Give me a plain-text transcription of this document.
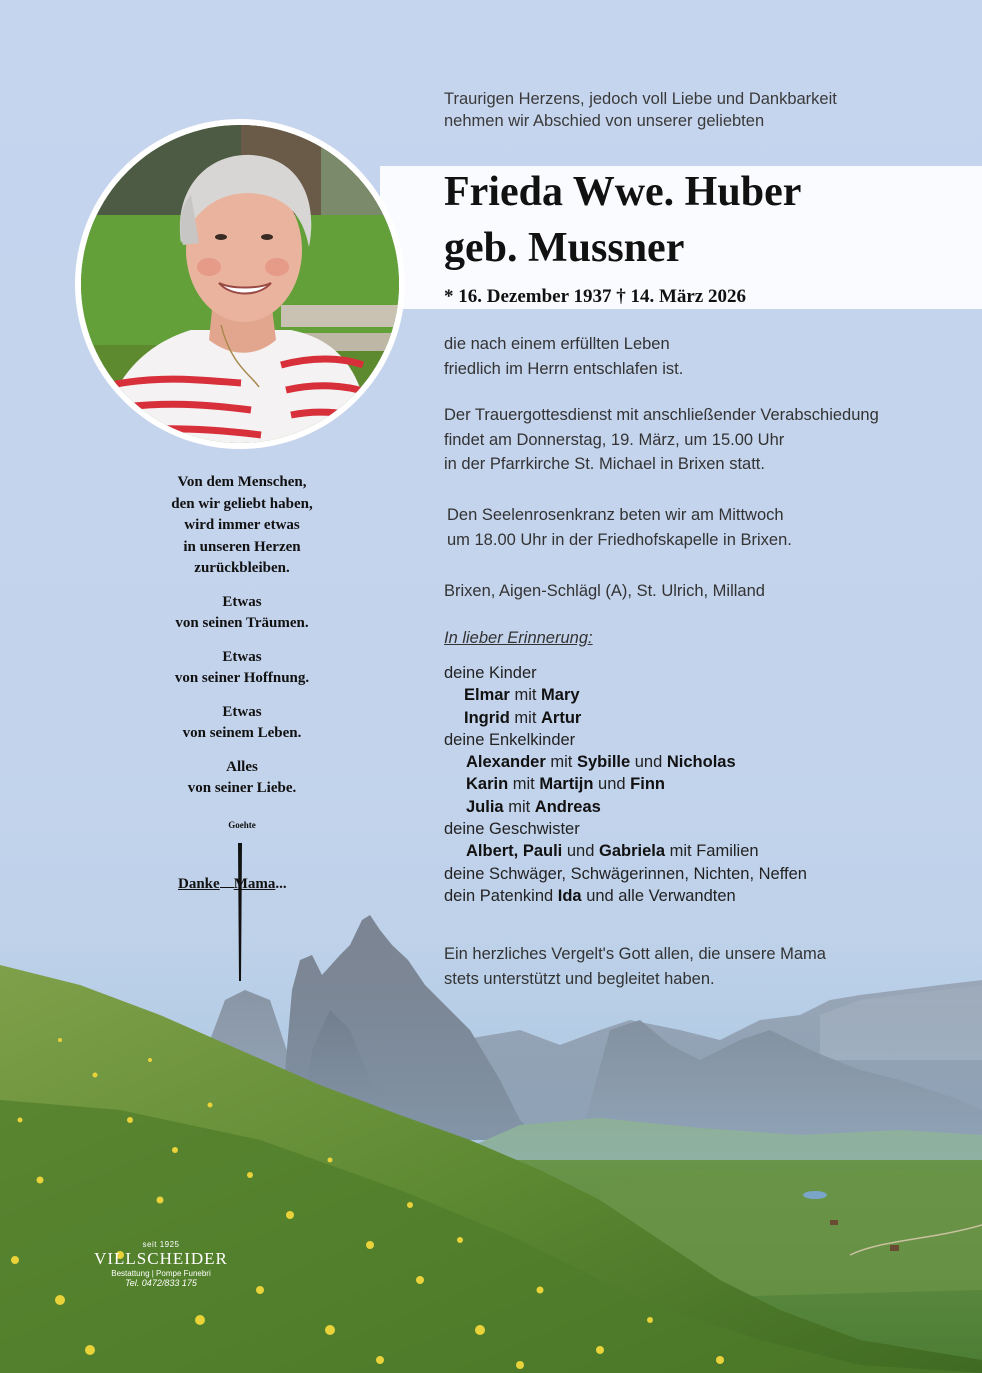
Traurigen Herzens, jedoch voll Liebe und Dankbarkeit
nehmen wir Abschied von unserer geliebten
Frieda Wwe. Huber
geb. Mussner
* 16. Dezember 1937 † 14. März 2026

die nach einem erfüllten Leben

friedlich im Herrn entschlafen ist.

Der Trauergottesdienst mit anschließender Verabschiedung

findet am Donnerstag, 19. März, um 15.00 Uhr

in der Pfarrkirche St. Michael in Brixen statt.

Den Seelenrosenkranz beten wir am Mittwoch

um 18.00 Uhr in der Friedhofskapelle in Brixen.

Brixen, Aigen-Schlägl (A), St. Ulrich, Milland
In lieber Erinnerung:
deine Kinder
Elmar mit Mary
Ingrid mit Artur
deine Enkelkinder
Alexander mit Sybille und Nicholas
Karin mit Martijn und Finn
Julia mit Andreas
deine Geschwister
Albert, Pauli und Gabriela mit Familien
deine Schwäger, Schwägerinnen, Nichten, Neffen
dein Patenkind Ida und alle Verwandten
Ein herzliches Vergelt's Gott allen, die unsere Mama
stets unterstützt und begleitet haben.

Von dem Menschen,

den wir geliebt haben,

wird immer etwas

in unseren Herzen

zurückbleiben.

Etwas

von seinen Träumen.

Etwas

von seiner Hoffnung.

Etwas

von seinem Leben.

Alles

von seiner Liebe.

Goehte
Danke Mama...
seit 1925
VILLSCHEIDER
Bestattung | Pompe Funebri
Tel. 0472/833 175
